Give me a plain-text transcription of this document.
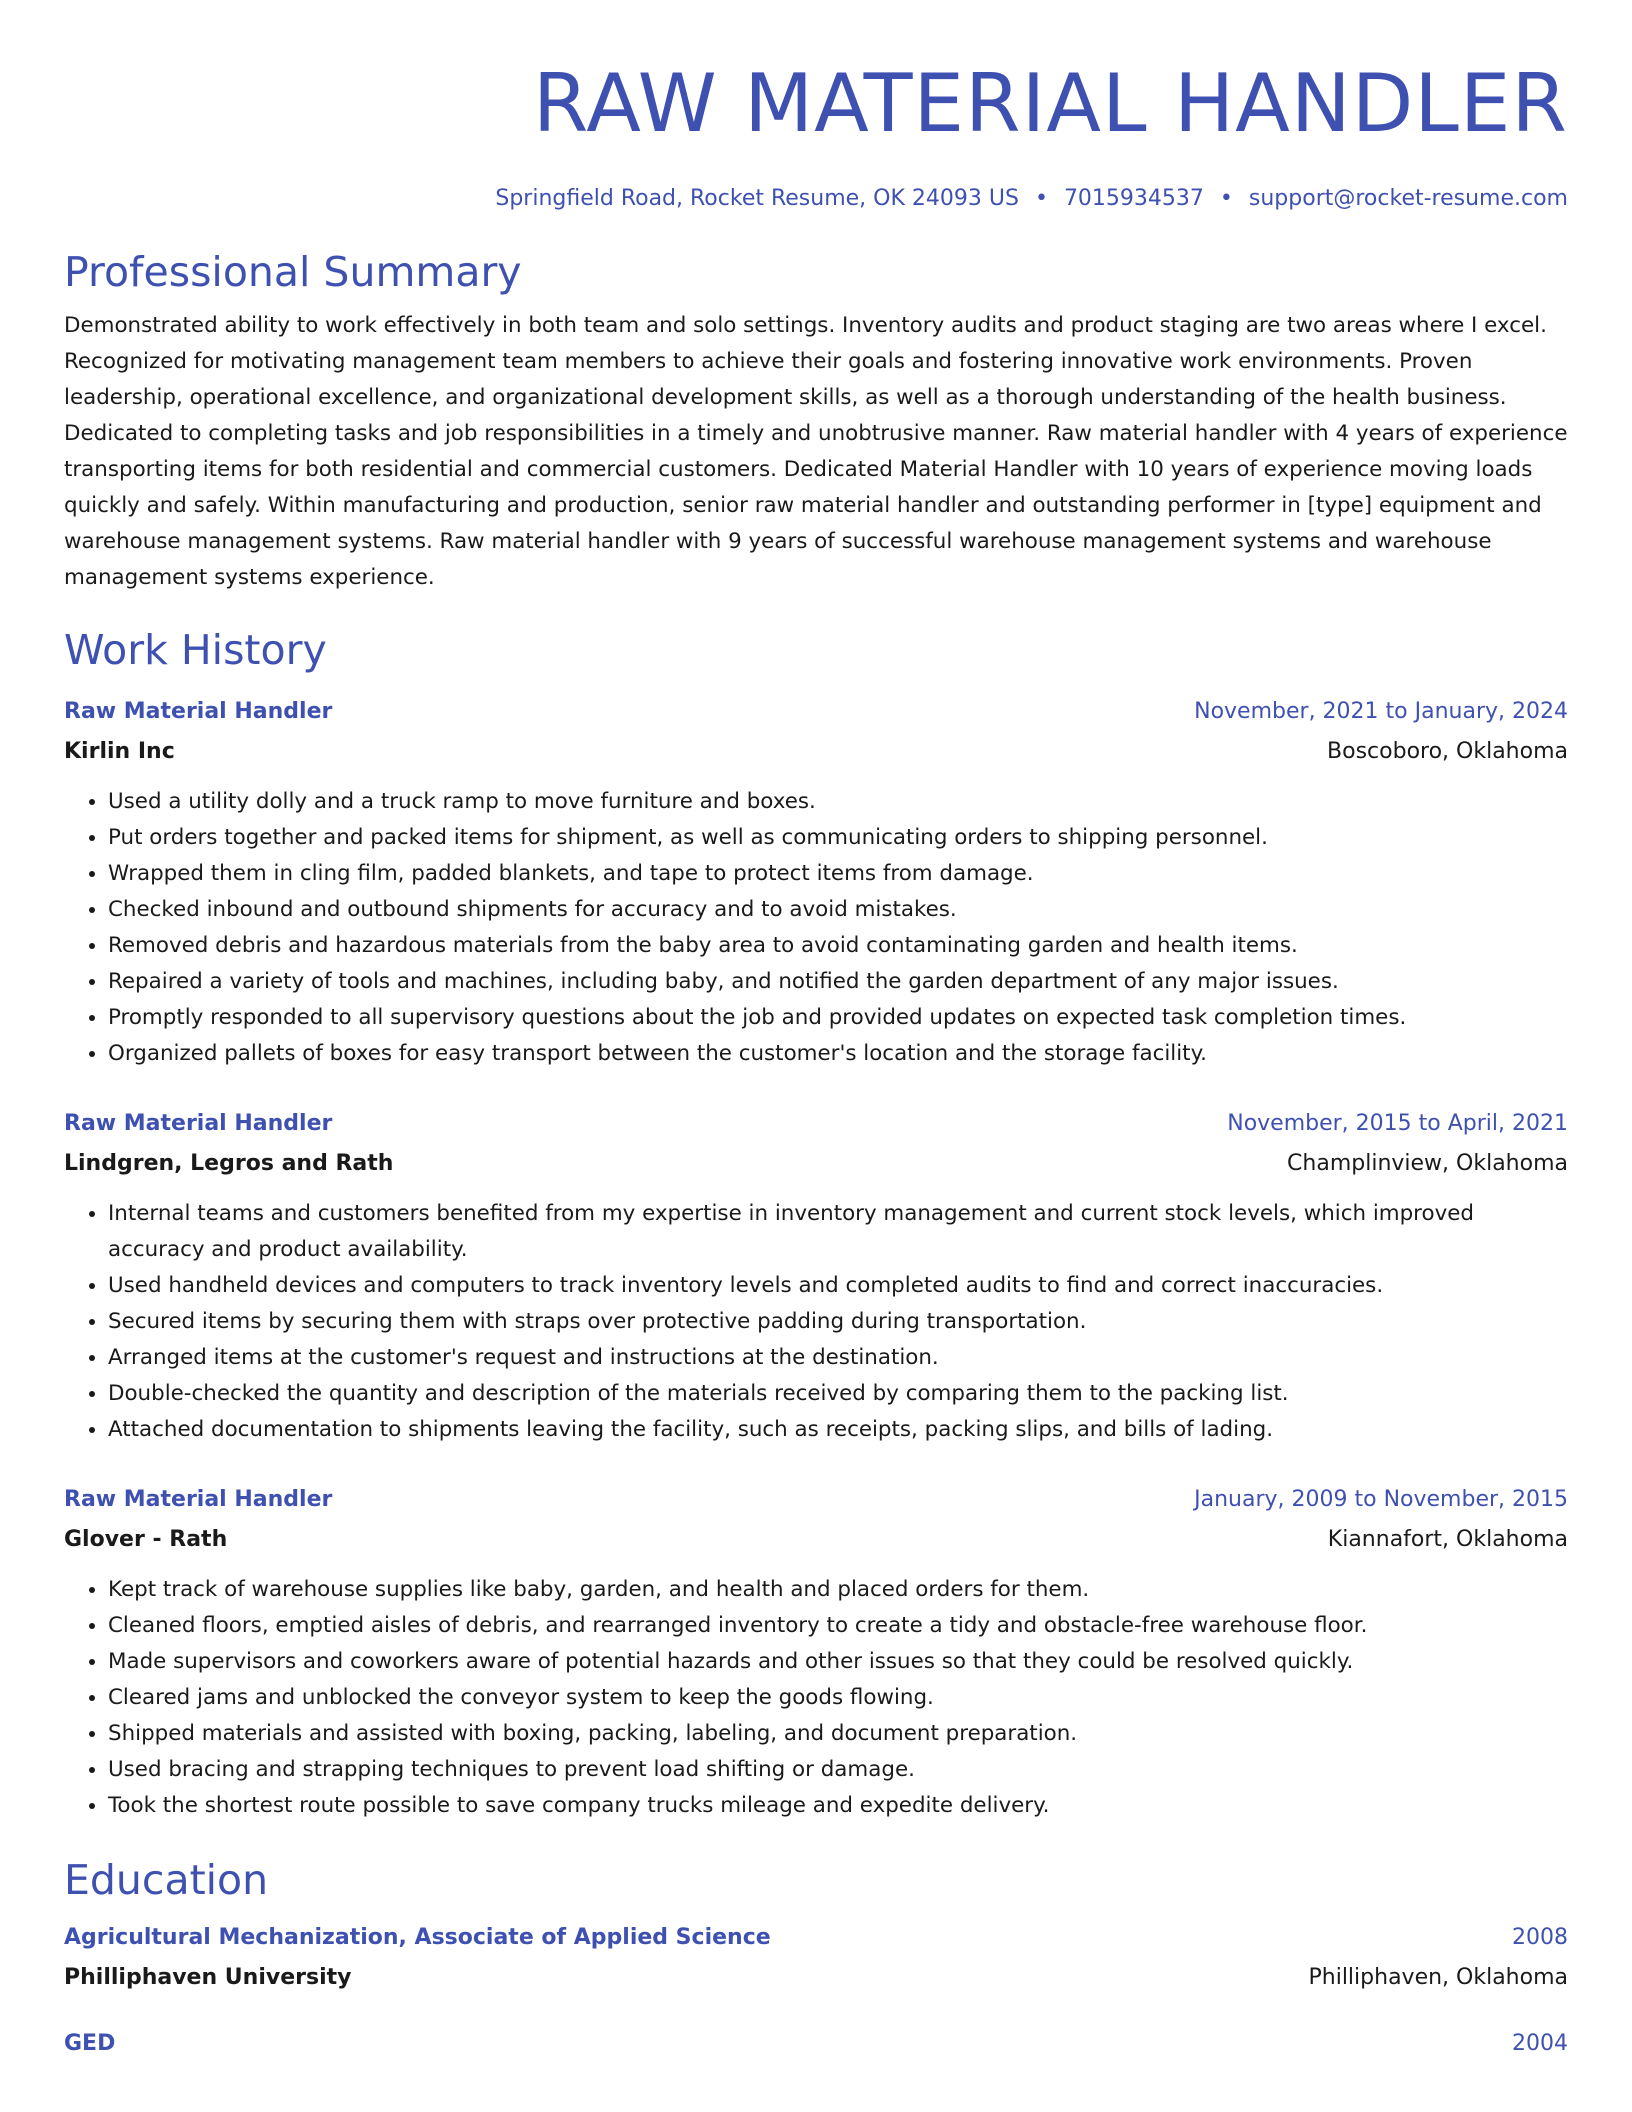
RAW MATERIAL HANDLER
Springfield Road, Rocket Resume, OK 24093 US • 7015934537 • support@rocket-resume.com
Professional Summary
Demonstrated ability to work effectively in both team and solo settings. Inventory audits and product staging are two areas where I excel. Recognized for motivating management team members to achieve their goals and fostering innovative work environments. Proven leadership, operational excellence, and organizational development skills, as well as a thorough understanding of the health business. Dedicated to completing tasks and job responsibilities in a timely and unobtrusive manner. Raw material handler with 4 years of experience transporting items for both residential and commercial customers. Dedicated Material Handler with 10 years of experience moving loads quickly and safely. Within manufacturing and production, senior raw material handler and outstanding performer in [type] equipment and warehouse management systems. Raw material handler with 9 years of successful warehouse management systems and warehouse management systems experience.
Work History
Raw Material Handler	November, 2021 to January, 2024
Kirlin Inc	Boscoboro, Oklahoma
• Used a utility dolly and a truck ramp to move furniture and boxes.
• Put orders together and packed items for shipment, as well as communicating orders to shipping personnel.
• Wrapped them in cling film, padded blankets, and tape to protect items from damage.
• Checked inbound and outbound shipments for accuracy and to avoid mistakes.
• Removed debris and hazardous materials from the baby area to avoid contaminating garden and health items.
• Repaired a variety of tools and machines, including baby, and notified the garden department of any major issues.
• Promptly responded to all supervisory questions about the job and provided updates on expected task completion times.
• Organized pallets of boxes for easy transport between the customer's location and the storage facility.
Raw Material Handler	November, 2015 to April, 2021
Lindgren, Legros and Rath	Champlinview, Oklahoma
• Internal teams and customers benefited from my expertise in inventory management and current stock levels, which improved accuracy and product availability.
• Used handheld devices and computers to track inventory levels and completed audits to find and correct inaccuracies.
• Secured items by securing them with straps over protective padding during transportation.
• Arranged items at the customer's request and instructions at the destination.
• Double-checked the quantity and description of the materials received by comparing them to the packing list.
• Attached documentation to shipments leaving the facility, such as receipts, packing slips, and bills of lading.
Raw Material Handler	January, 2009 to November, 2015
Glover - Rath	Kiannafort, Oklahoma
• Kept track of warehouse supplies like baby, garden, and health and placed orders for them.
• Cleaned floors, emptied aisles of debris, and rearranged inventory to create a tidy and obstacle-free warehouse floor.
• Made supervisors and coworkers aware of potential hazards and other issues so that they could be resolved quickly.
• Cleared jams and unblocked the conveyor system to keep the goods flowing.
• Shipped materials and assisted with boxing, packing, labeling, and document preparation.
• Used bracing and strapping techniques to prevent load shifting or damage.
• Took the shortest route possible to save company trucks mileage and expedite delivery.
Education
Agricultural Mechanization, Associate of Applied Science	2008
Philliphaven University	Philliphaven, Oklahoma
GED	2004
